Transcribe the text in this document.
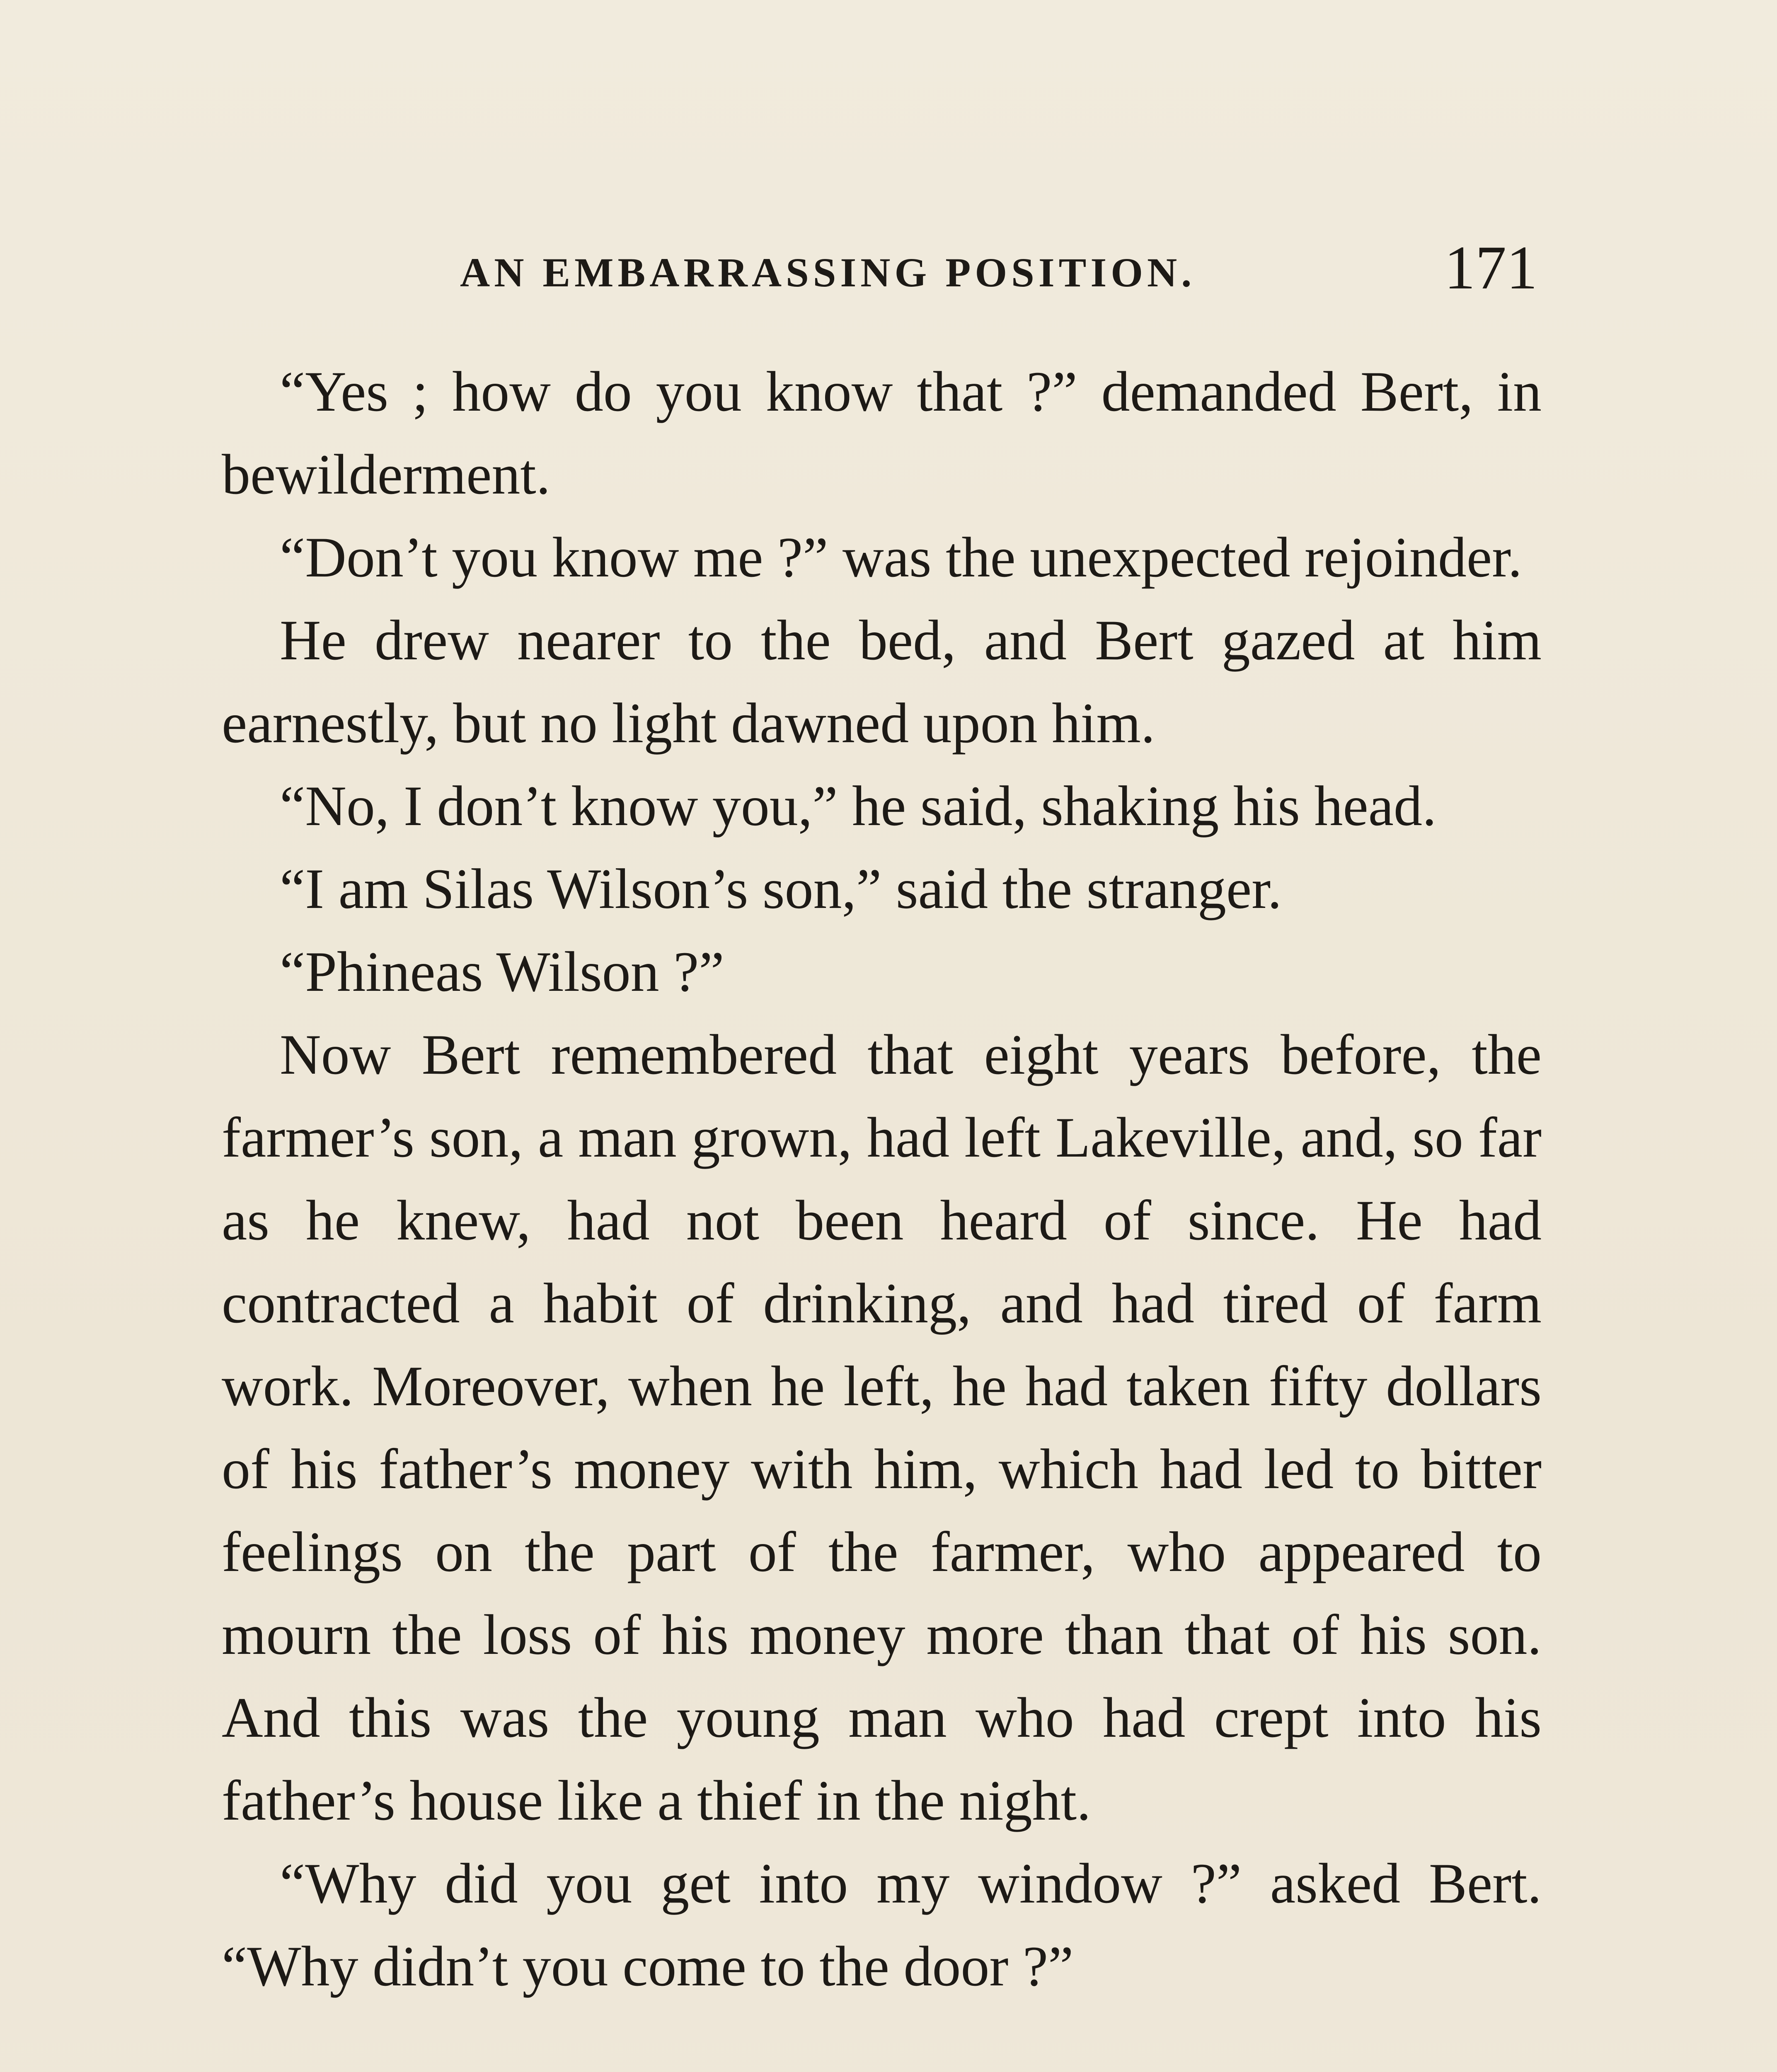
AN EMBARRASSING POSITION.	171

“Yes ; how do you know that ?” demanded Bert, in bewilderment.

“Don’t you know me ?” was the unexpected rejoinder.

He drew nearer to the bed, and Bert gazed at him earnestly, but no light dawned upon him.

“No, I don’t know you,” he said, shaking his head.

“I am Silas Wilson’s son,” said the stranger.

“Phineas Wilson ?”

Now Bert remembered that eight years before, the farmer’s son, a man grown, had left Lakeville, and, so far as he knew, had not been heard of since. He had contracted a habit of drinking, and had tired of farm work. Moreover, when he left, he had taken fifty dollars of his father’s money with him, which had led to bitter feelings on the part of the farmer, who appeared to mourn the loss of his money more than that of his son. And this was the young man who had crept into his father’s house like a thief in the night.

“Why did you get into my window ?” asked Bert. “Why didn’t you come to the door ?”
